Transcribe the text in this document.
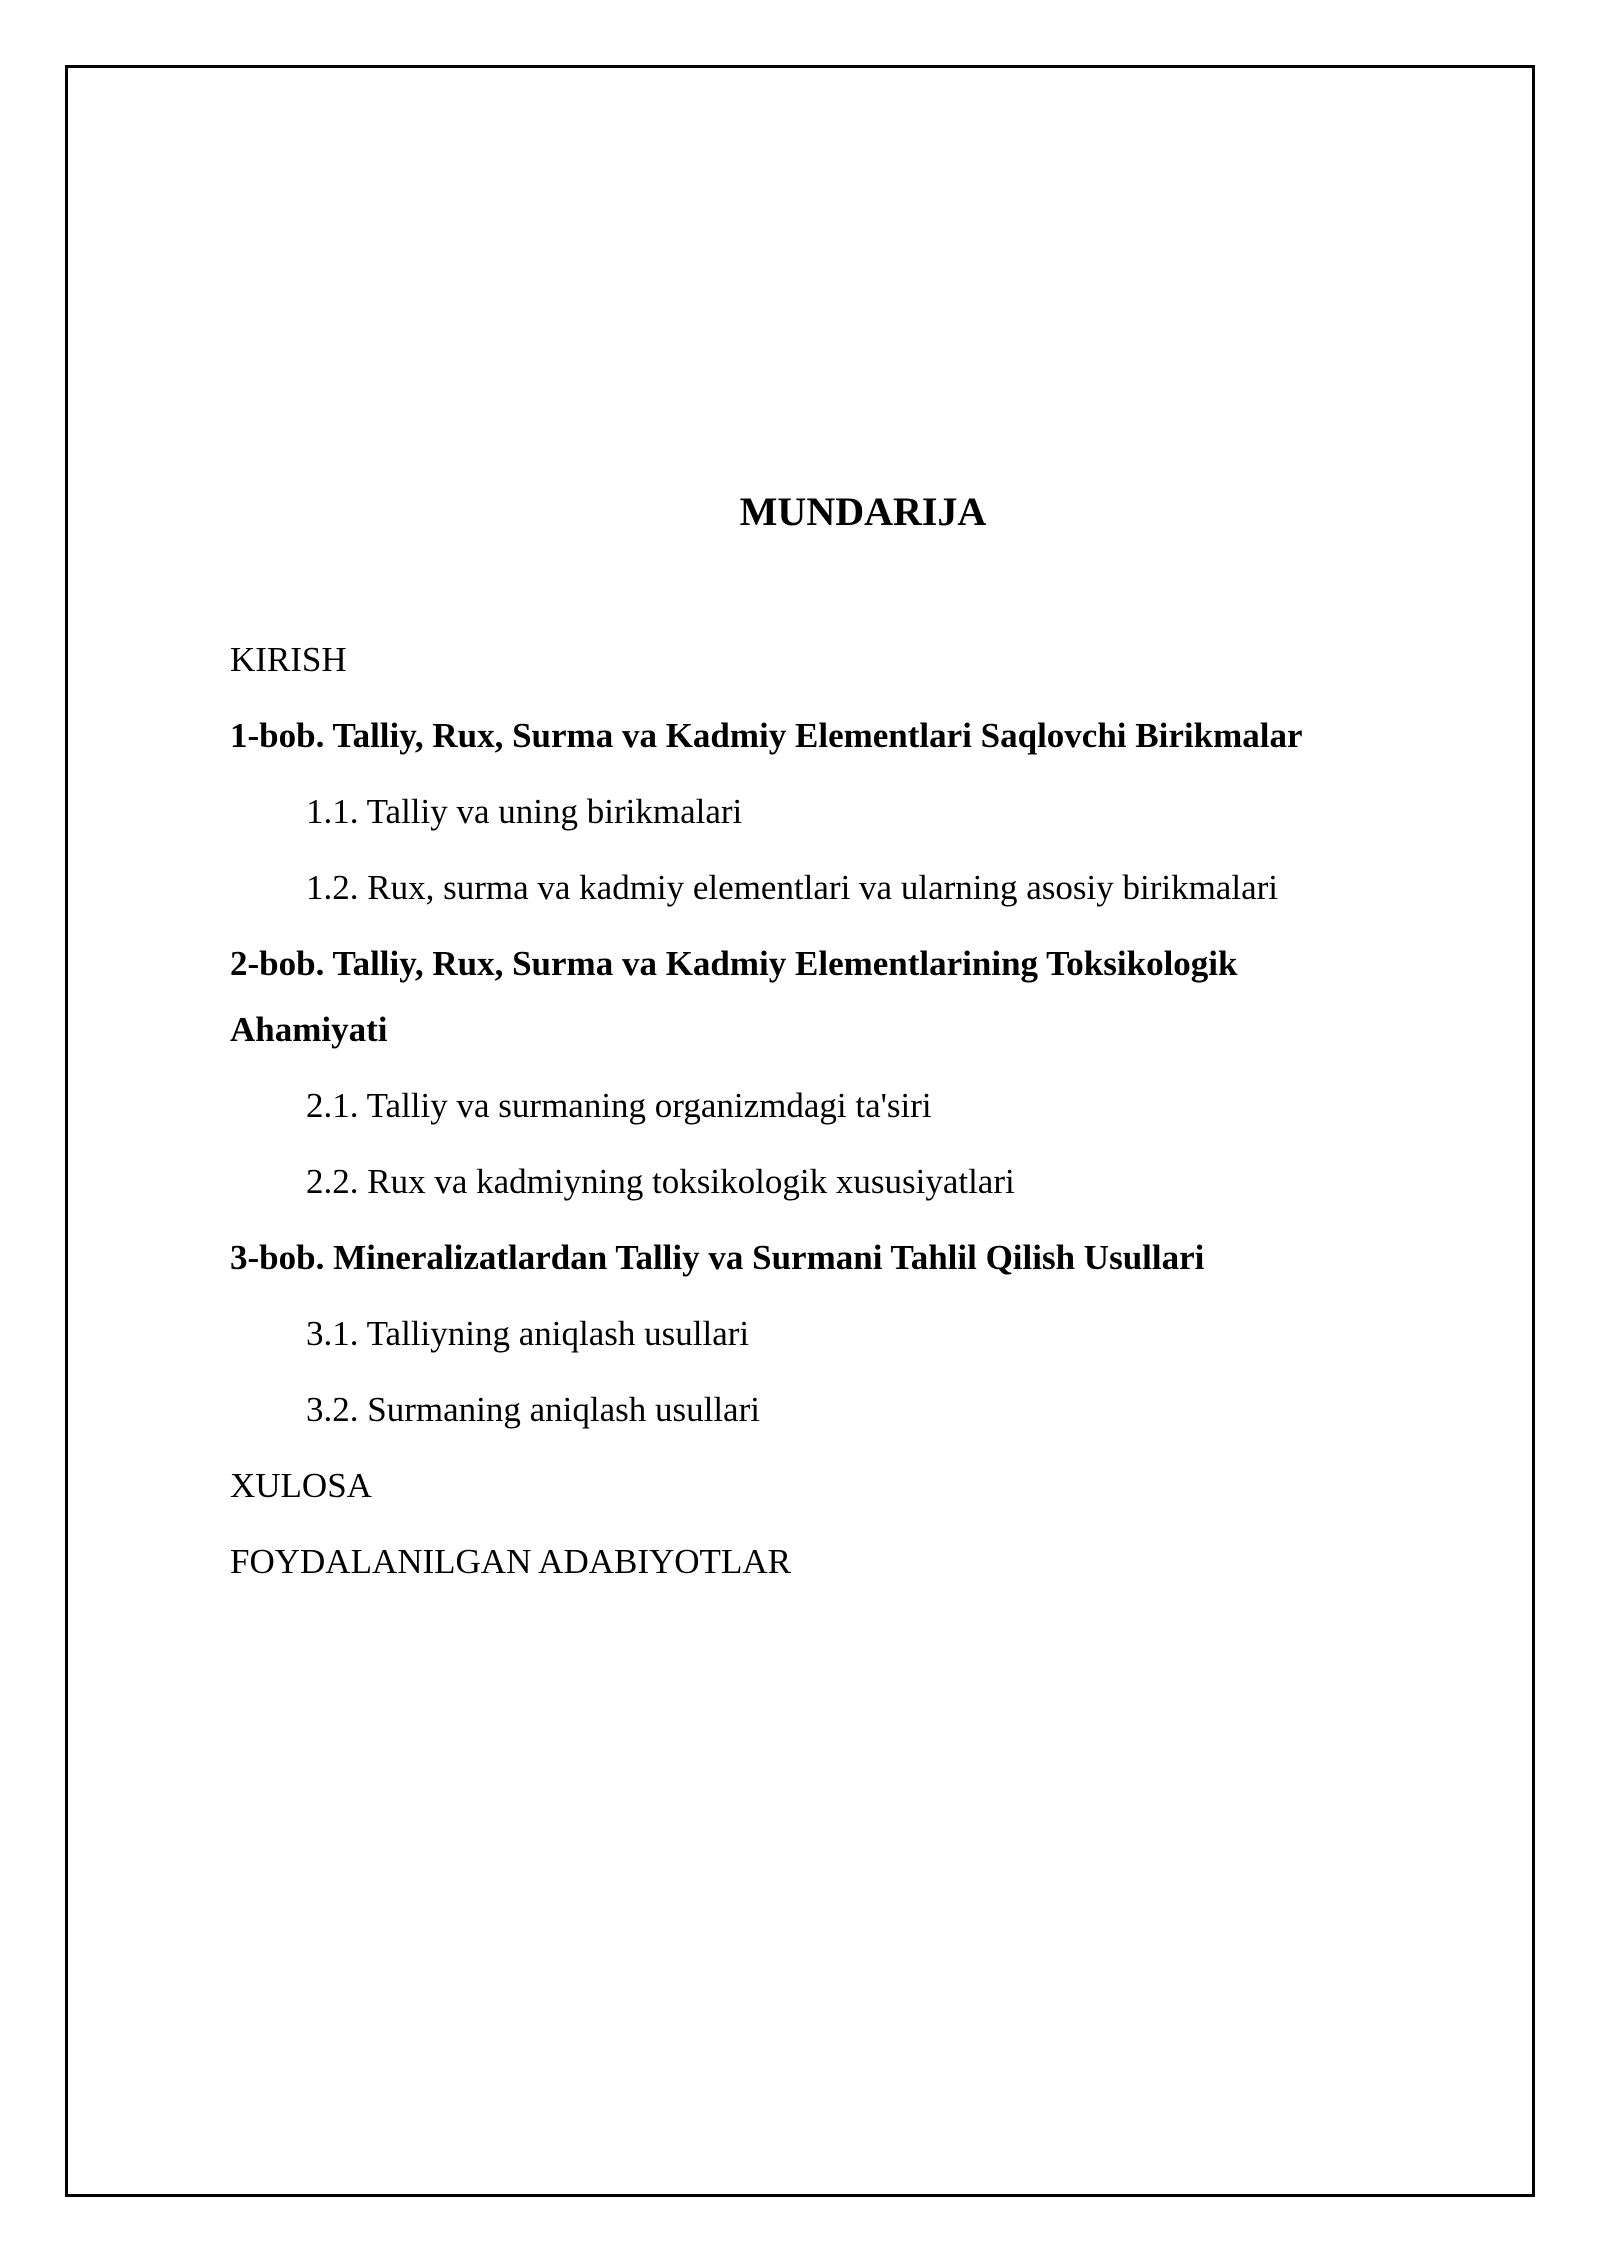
MUNDARIJA

KIRISH

1-bob. Talliy, Rux, Surma va Kadmiy Elementlari Saqlovchi Birikmalar

1.1. Talliy va uning birikmalari

1.2. Rux, surma va kadmiy elementlari va ularning asosiy birikmalari

2-bob. Talliy, Rux, Surma va Kadmiy Elementlarining Toksikologik Ahamiyati

2.1. Talliy va surmaning organizmdagi ta'siri

2.2. Rux va kadmiyning toksikologik xususiyatlari

3-bob. Mineralizatlardan Talliy va Surmani Tahlil Qilish Usullari

3.1. Talliyning aniqlash usullari

3.2. Surmaning aniqlash usullari

XULOSA

FOYDALANILGAN ADABIYOTLAR
